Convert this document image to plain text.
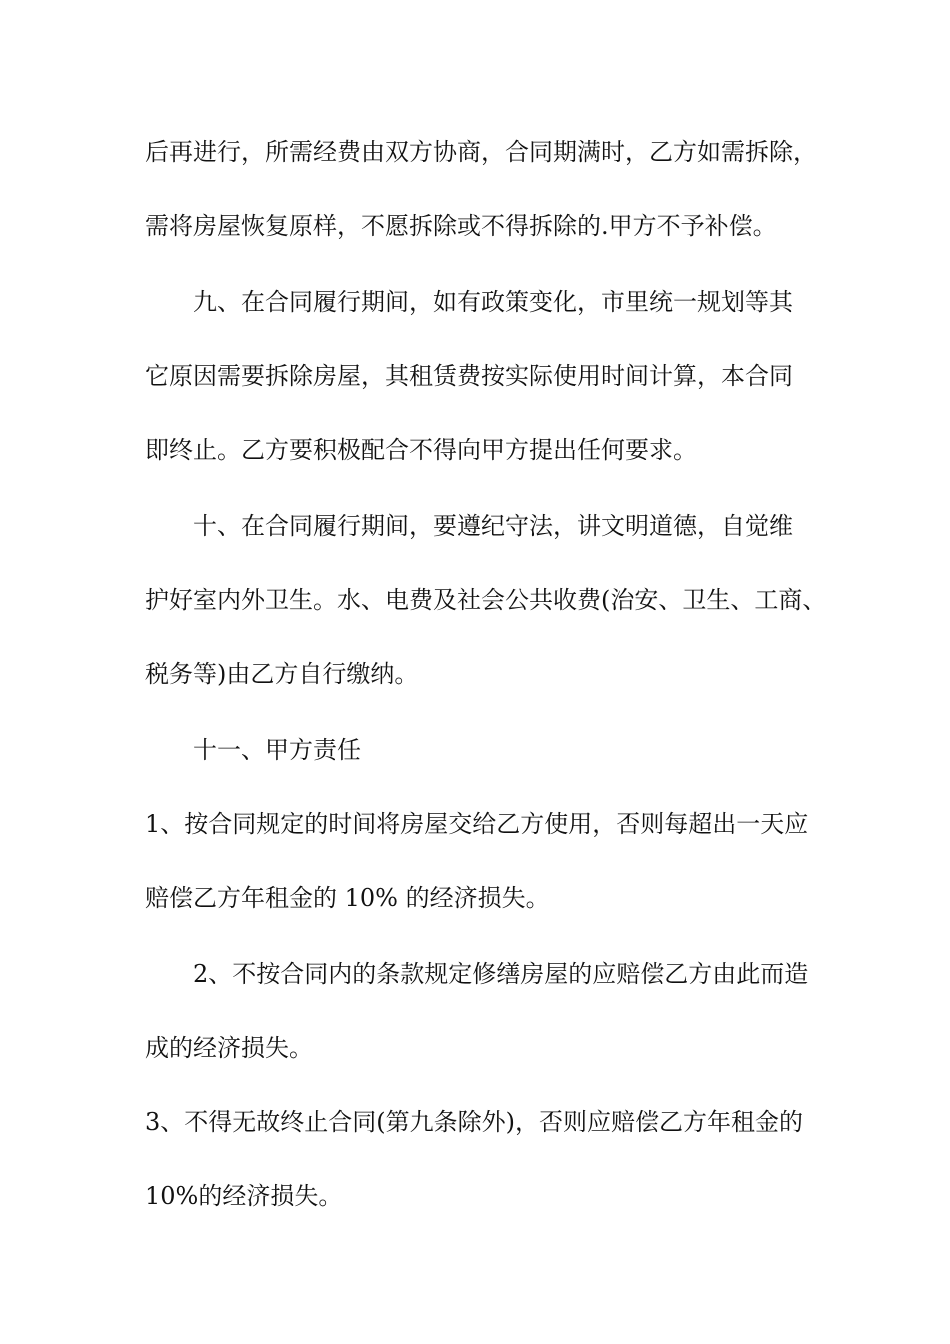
后再进行，所需经费由双方协商，合同期满时，乙方如需拆除，

需将房屋恢复原样，不愿拆除或不得拆除的.甲方不予补偿。

九、在合同履行期间，如有政策变化，市里统一规划等其

它原因需要拆除房屋，其租赁费按实际使用时间计算，本合同

即终止。乙方要积极配合不得向甲方提出任何要求。

十、在合同履行期间，要遵纪守法，讲文明道德，自觉维

护好室内外卫生。水、电费及社会公共收费(治安、卫生、工商、

税务等)由乙方自行缴纳。

十一、甲方责任

1、按合同规定的时间将房屋交给乙方使用，否则每超出一天应

赔偿乙方年租金的 10% 的经济损失。

2、不按合同内的条款规定修缮房屋的应赔偿乙方由此而造

成的经济损失。

3、不得无故终止合同(第九条除外)，否则应赔偿乙方年租金的

10%的经济损失。
